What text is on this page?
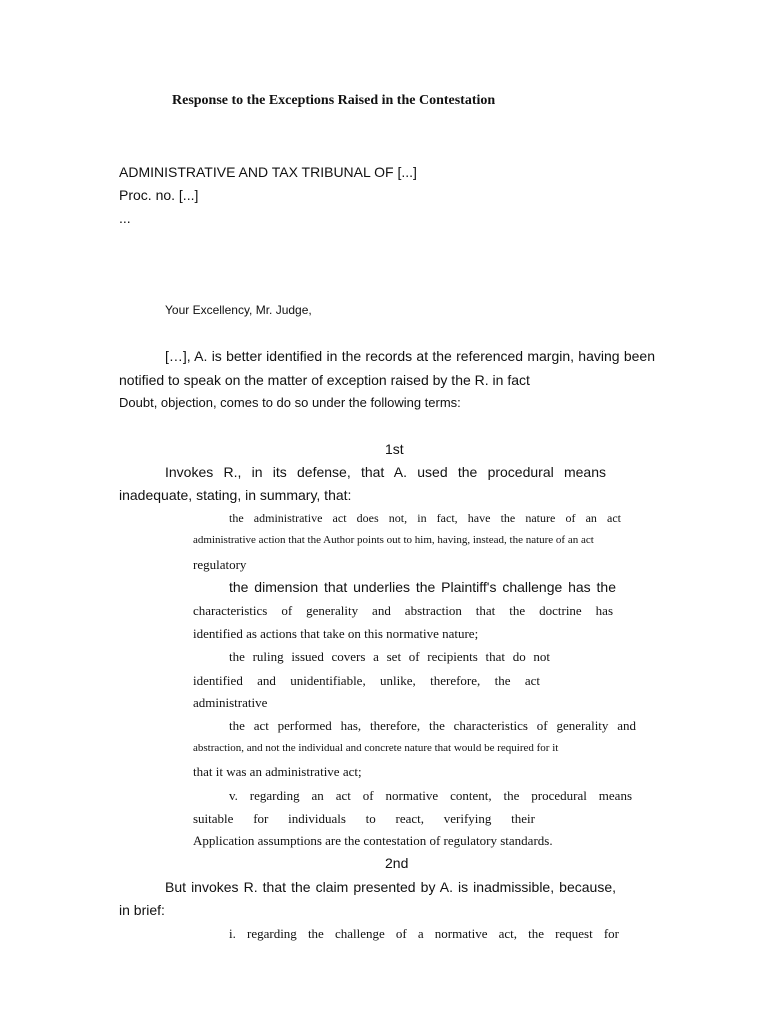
Response to the Exceptions Raised in the Contestation
ADMINISTRATIVE AND TAX TRIBUNAL OF [...]
Proc. no. [...]
...
Your Excellency, Mr. Judge,
[…], A. is better identified in the records at the referenced margin, having been
notified to speak on the matter of exception raised by the R. in fact
Doubt, objection, comes to do so under the following terms:
1st
Invokes R., in its defense, that A. used the procedural means
inadequate, stating, in summary, that:
the administrative act does not, in fact, have the nature of an act
administrative action that the Author points out to him, having, instead, the nature of an act
regulatory
the dimension that underlies the Plaintiff's challenge has the
characteristics of generality and abstraction that the doctrine has
identified as actions that take on this normative nature;
the ruling issued covers a set of recipients that do not
identified and unidentifiable, unlike, therefore, the act
administrative
the act performed has, therefore, the characteristics of generality and
abstraction, and not the individual and concrete nature that would be required for it
that it was an administrative act;
v. regarding an act of normative content, the procedural means
suitable for individuals to react, verifying their
Application assumptions are the contestation of regulatory standards.
2nd
But invokes R. that the claim presented by A. is inadmissible, because,
in brief:
i. regarding the challenge of a normative act, the request for
